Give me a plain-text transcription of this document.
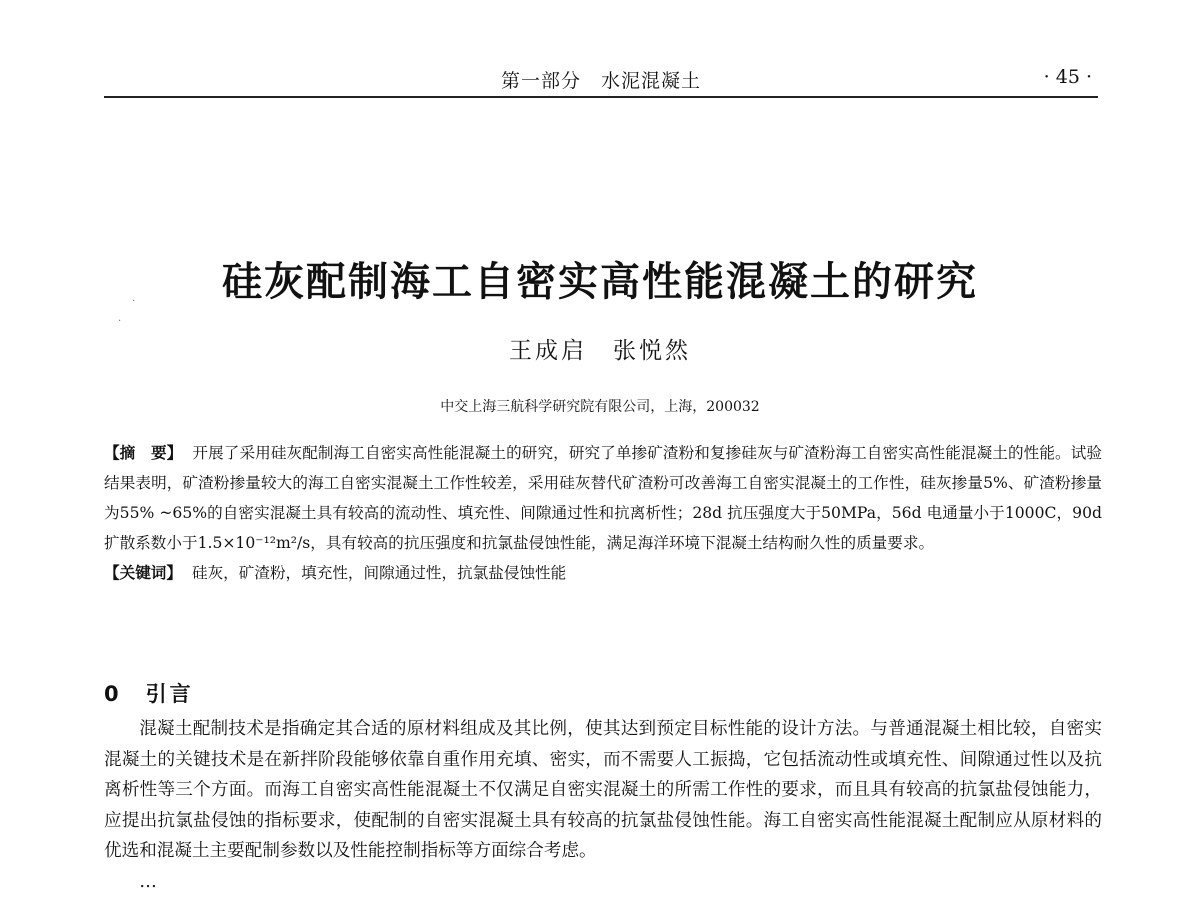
第一部分　水泥混凝土	· 45 ·
硅灰配制海工自密实高性能混凝土的研究
王成启　张悦然
中交上海三航科学研究院有限公司，上海，200032
【摘　要】 开展了采用硅灰配制海工自密实高性能混凝土的研究，研究了单掺矿渣粉和复掺硅灰与矿渣粉海工自密实高性能混凝土的性能。试验结果表明，矿渣粉掺量较大的海工自密实混凝土工作性较差，采用硅灰替代矿渣粉可改善海工自密实混凝土的工作性，硅灰掺量5%、矿渣粉掺量为55% ~65%的自密实混凝土具有较高的流动性、填充性、间隙通过性和抗离析性；28d 抗压强度大于50MPa，56d 电通量小于1000C，90d 扩散系数小于1.5×10⁻¹²m²/s，具有较高的抗压强度和抗氯盐侵蚀性能，满足海洋环境下混凝土结构耐久性的质量要求。
【关键词】 硅灰，矿渣粉，填充性，间隙通过性，抗氯盐侵蚀性能
0　引言

混凝土配制技术是指确定其合适的原材料组成及其比例，使其达到预定目标性能的设计方法。与普通混凝土相比较，自密实混凝土的关键技术是在新拌阶段能够依靠自重作用充填、密实，而不需要人工振捣，它包括流动性或填充性、间隙通过性以及抗离析性等三个方面。而海工自密实高性能混凝土不仅满足自密实混凝土的所需工作性的要求，而且具有较高的抗氯盐侵蚀能力，应提出抗氯盐侵蚀的指标要求，使配制的自密实混凝土具有较高的抗氯盐侵蚀性能。海工自密实高性能混凝土配制应从原材料的优选和混凝土主要配制参数以及性能控制指标等方面综合考虑。

…

·
·
